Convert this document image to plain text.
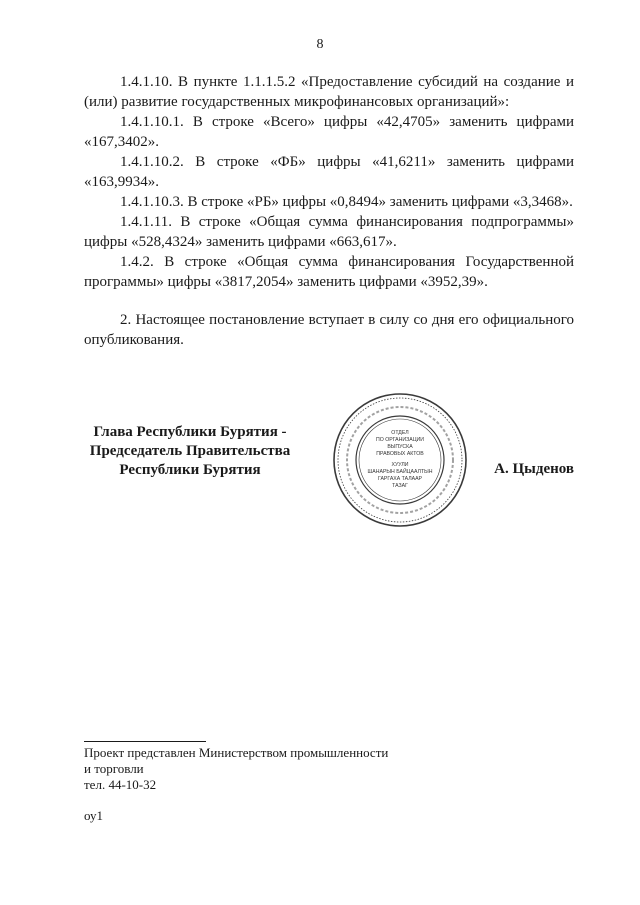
8

1.4.1.10. В пункте 1.1.1.5.2 «Предоставление субсидий на создание и (или) развитие государственных микрофинансовых организаций»:

1.4.1.10.1. В строке «Всего» цифры «42,4705» заменить цифрами «167,3402».

1.4.1.10.2. В строке «ФБ» цифры «41,6211» заменить цифрами «163,9934».

1.4.1.10.3. В строке «РБ» цифры «0,8494» заменить цифрами «3,3468».

1.4.1.11. В строке «Общая сумма финансирования подпрограммы» цифры «528,4324» заменить цифрами «663,617».

1.4.2. В строке «Общая сумма финансирования Государственной программы» цифры «3817,2054» заменить цифрами «3952,39».

2. Настоящее постановление вступает в силу со дня его официального опубликования.

Глава Республики Бурятия -
Председатель Правительства
Республики Бурятия
ОТДЕЛ
ПО ОРГАНИЗАЦИИ
ВЫПУСКА
ПРАВОВЫХ АКТОВ
ХУУЛИ
ШАНАРЫН БАЙЦААЛТЫН
ГАРГАХА ТАЛААР
ТАЗАГ
А. Цыденов
Проект представлен Министерством промышленности
и торговли
тел. 44-10-32
оу1
